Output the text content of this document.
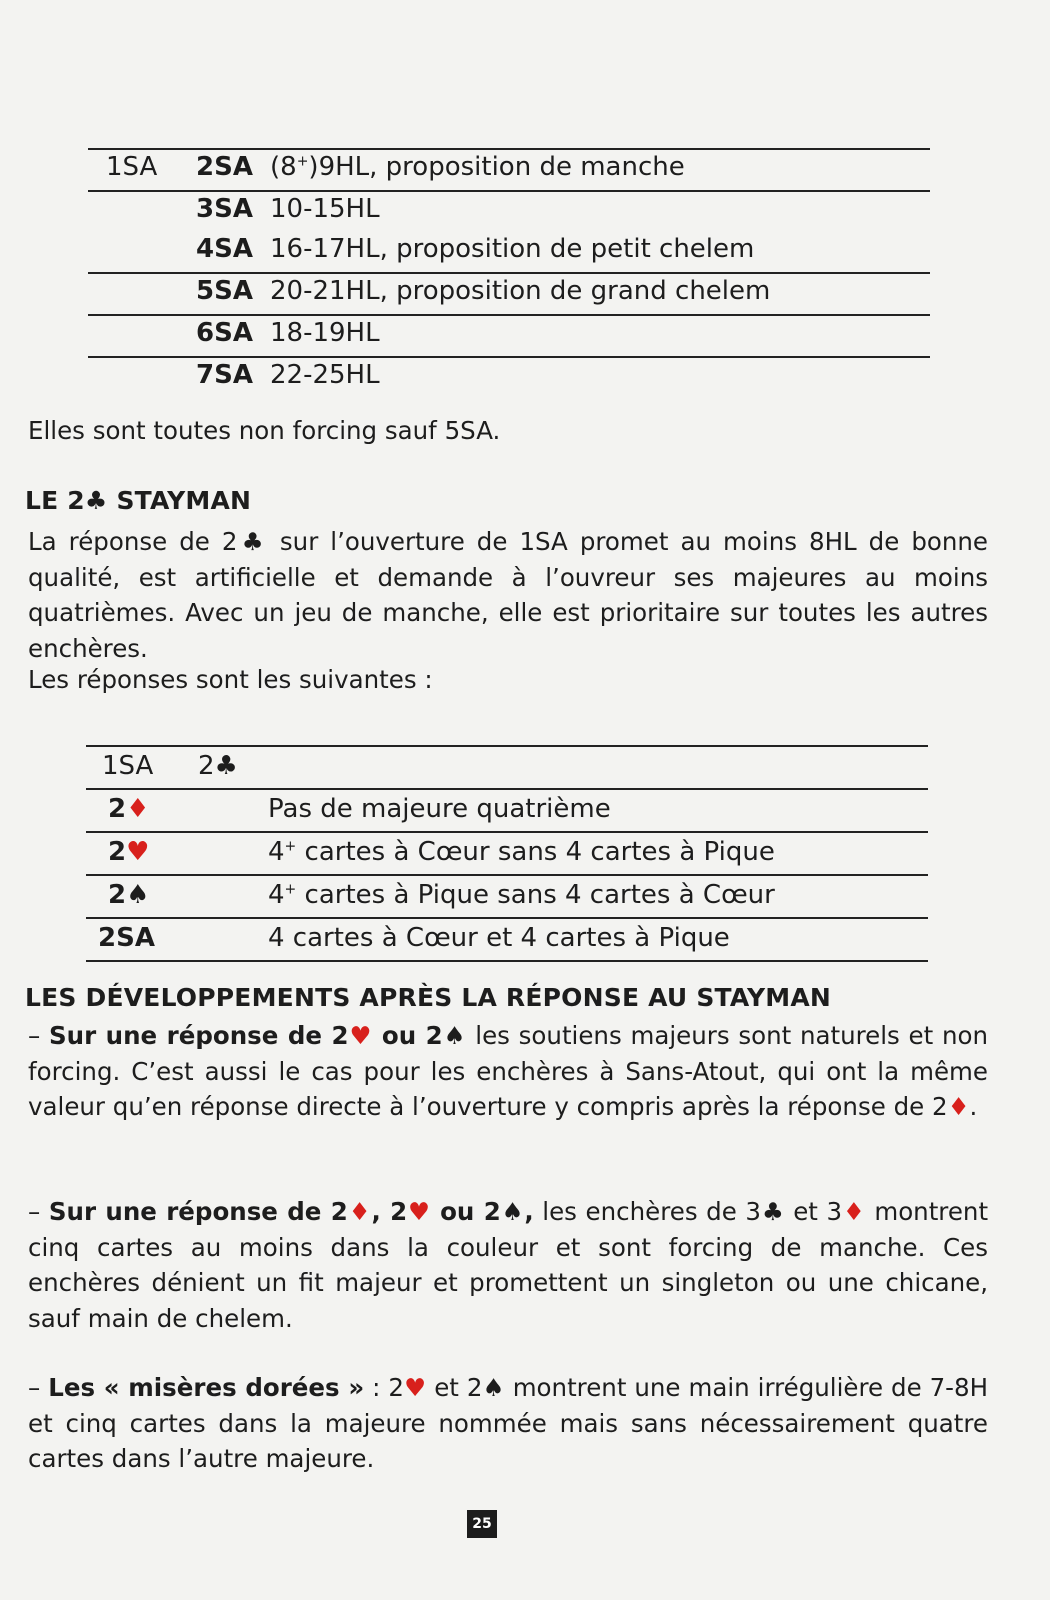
1SA 2SA (8+)9HL, proposition de manche
3SA 10-15HL
4SA 16-17HL, proposition de petit chelem
5SA 20-21HL, proposition de grand chelem
6SA 18-19HL
7SA 22-25HL
Elles sont toutes non forcing sauf 5SA.
LE 2♣ STAYMAN
La réponse de 2♣ sur l’ouverture de 1SA promet au moins 8HL de bonne qualité, est artificielle et demande à l’ouvreur ses majeures au moins quatrièmes. Avec un jeu de manche, elle est prioritaire sur toutes les autres enchères.
Les réponses sont les suivantes :
1SA 2♣
2♦	Pas de majeure quatrième
2♥	4+ cartes à Cœur sans 4 cartes à Pique
2♠	4+ cartes à Pique sans 4 cartes à Cœur
2SA	4 cartes à Cœur et 4 cartes à Pique
LES DÉVELOPPEMENTS APRÈS LA RÉPONSE AU STAYMAN
– Sur une réponse de 2♥ ou 2♠ les soutiens majeurs sont naturels et non forcing. C’est aussi le cas pour les enchères à Sans-Atout, qui ont la même valeur qu’en réponse directe à l’ouverture y compris après la réponse de 2♦.
– Sur une réponse de 2♦, 2♥ ou 2♠, les enchères de 3♣ et 3♦ montrent cinq cartes au moins dans la couleur et sont forcing de manche. Ces enchères dénient un fit majeur et promettent un singleton ou une chicane, sauf main de chelem.
– Les « misères dorées » : 2♥ et 2♠ montrent une main irrégulière de 7-8H et cinq cartes dans la majeure nommée mais sans nécessairement quatre cartes dans l’autre majeure.
25
